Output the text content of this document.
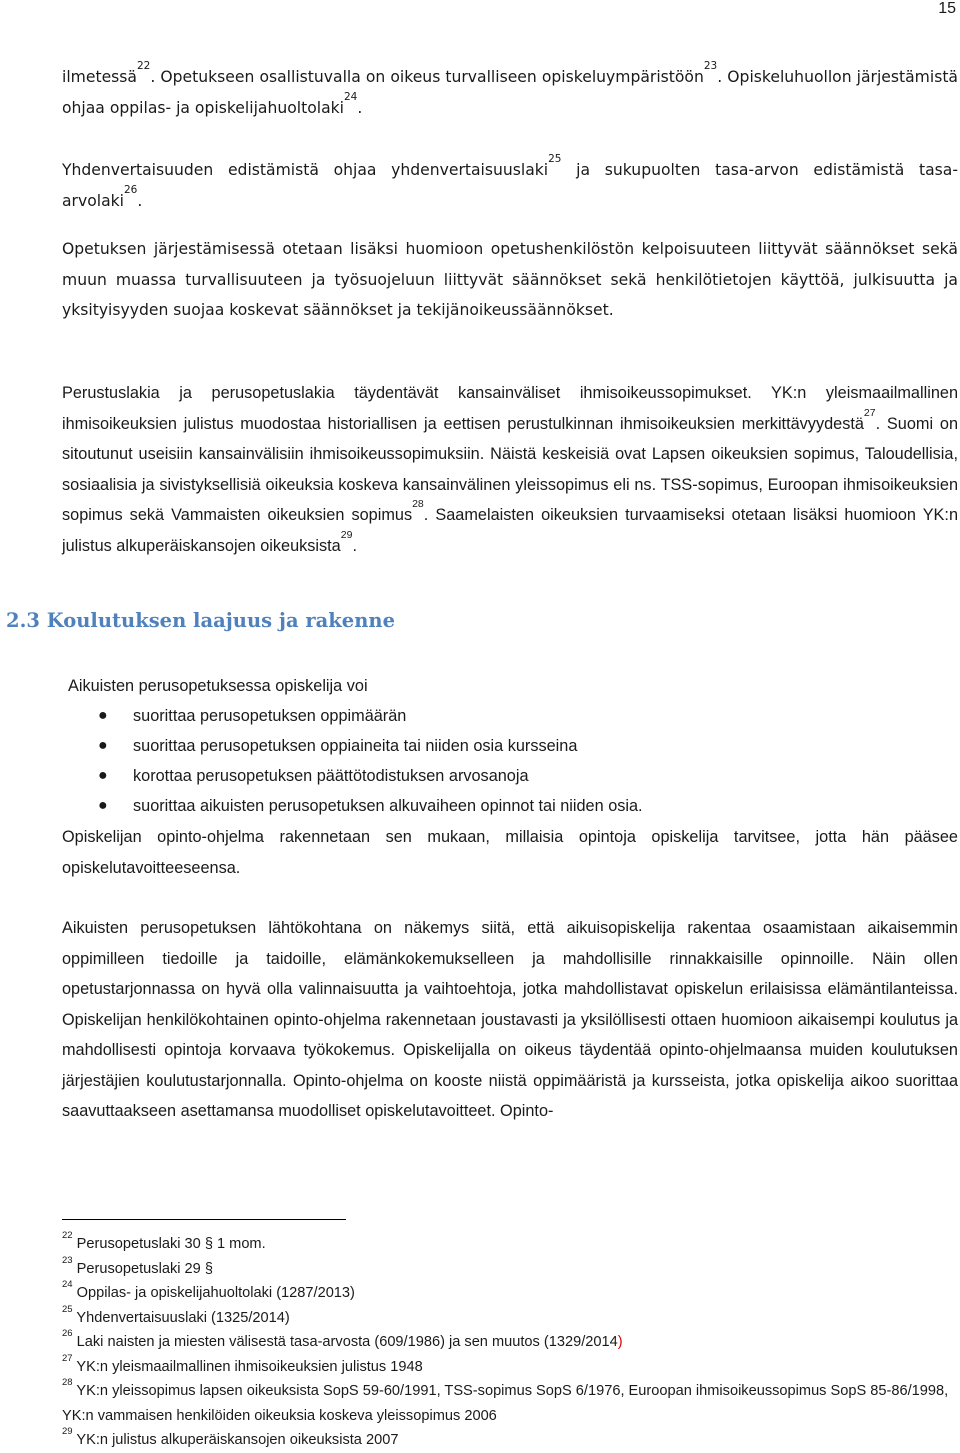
15

ilmetessä$^{22}$. Opetukseen osallistuvalla on oikeus turvalliseen opiskeluympäristöön$^{23}$. Opiskeluhuollon järjestämistä ohjaa oppilas- ja opiskelijahuoltolaki$^{24}$.

Yhdenvertaisuuden edistämistä ohjaa yhdenvertaisuuslaki$^{25}$ ja sukupuolten tasa-arvon edistämistä tasa-arvolaki$^{26}$.

Opetuksen järjestämisessä otetaan lisäksi huomioon opetushenkilöstön kelpoisuuteen liittyvät säännökset sekä muun muassa turvallisuuteen ja työsuojeluun liittyvät säännökset sekä henkilötietojen käyttöä, julkisuutta ja yksityisyyden suojaa koskevat säännökset ja tekijänoikeussäännökset.

Perustuslakia ja perusopetuslakia täydentävät kansainväliset ihmisoikeussopimukset. YK:n yleismaailmallinen ihmisoikeuksien julistus muodostaa historiallisen ja eettisen perustulkinnan ihmisoikeuksien merkittävyydestä$^{27}$. Suomi on sitoutunut useisiin kansainvälisiin ihmisoikeussopimuksiin. Näistä keskeisiä ovat Lapsen oikeuksien sopimus, Taloudellisia, sosiaalisia ja sivistyksellisiä oikeuksia koskeva kansainvälinen yleissopimus eli ns. TSS-sopimus, Euroopan ihmisoikeuksien sopimus sekä Vammaisten oikeuksien sopimus$^{28}$. Saamelaisten oikeuksien turvaamiseksi otetaan lisäksi huomioon YK:n julistus alkuperäiskansojen oikeuksista$^{29}$.

2.3 Koulutuksen laajuus ja rakenne

Aikuisten perusopetuksessa opiskelija voi

● suorittaa perusopetuksen oppimäärän
● suorittaa perusopetuksen oppiaineita tai niiden osia kursseina
● korottaa perusopetuksen päättötodistuksen arvosanoja
● suorittaa aikuisten perusopetuksen alkuvaiheen opinnot tai niiden osia.

Opiskelijan opinto-ohjelma rakennetaan sen mukaan, millaisia opintoja opiskelija tarvitsee, jotta hän pääsee opiskelutavoitteeseensa.

Aikuisten perusopetuksen lähtökohtana on näkemys siitä, että aikuisopiskelija rakentaa osaamistaan aikaisemmin oppimilleen tiedoille ja taidoille, elämänkokemukselleen ja mahdollisille rinnakkaisille opinnoille. Näin ollen opetustarjonnassa on hyvä olla valinnaisuutta ja vaihtoehtoja, jotka mahdollistavat opiskelun erilaisissa elämäntilanteissa. Opiskelijan henkilökohtainen opinto-ohjelma rakennetaan joustavasti ja yksilöllisesti ottaen huomioon aikaisempi koulutus ja mahdollisesti opintoja korvaava työkokemus. Opiskelijalla on oikeus täydentää opinto-ohjelmaansa muiden koulutuksen järjestäjien koulutustarjonnalla. Opinto-ohjelma on kooste niistä oppimääristä ja kursseista, jotka opiskelija aikoo suorittaa saavuttaakseen asettamansa muodolliset opiskelutavoitteet. Opinto-

$^{22}$ Perusopetuslaki 30 § 1 mom.
$^{23}$ Perusopetuslaki 29 §
$^{24}$ Oppilas- ja opiskelijahuoltolaki (1287/2013)
$^{25}$ Yhdenvertaisuuslaki (1325/2014)
$^{26}$ Laki naisten ja miesten välisestä tasa-arvosta (609/1986) ja sen muutos (1329/2014)
$^{27}$ YK:n yleismaailmallinen ihmisoikeuksien julistus 1948
$^{28}$ YK:n yleissopimus lapsen oikeuksista SopS 59-60/1991, TSS-sopimus SopS 6/1976, Euroopan ihmisoikeussopimus SopS 85-86/1998, YK:n vammaisen henkilöiden oikeuksia koskeva yleissopimus 2006
$^{29}$ YK:n julistus alkuperäiskansojen oikeuksista 2007
